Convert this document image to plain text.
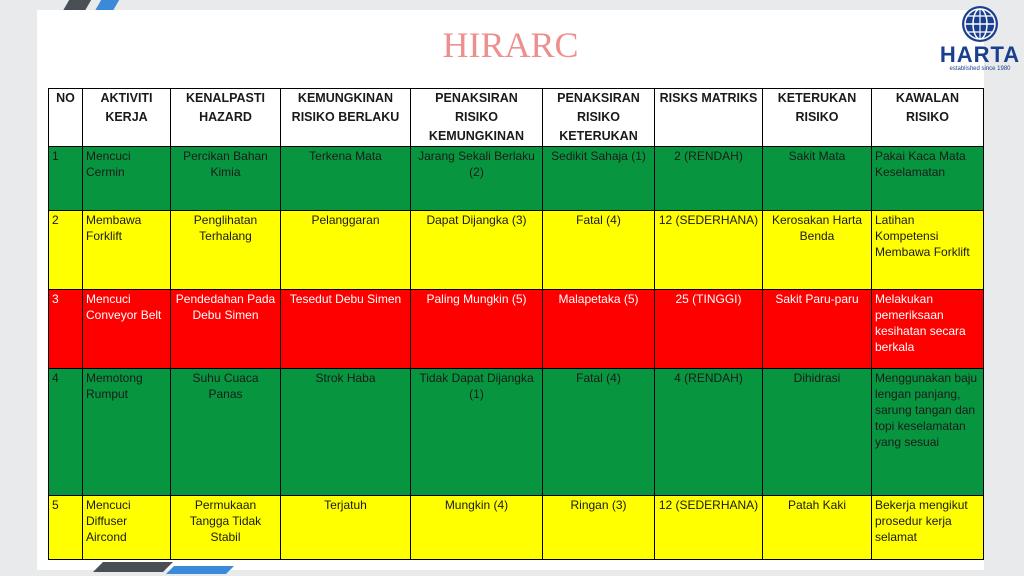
HIRARC	HARTA
established since 1980
NO	AKTIVITI KERJA	KENALPASTI HAZARD	KEMUNGKINAN RISIKO BERLAKU	PENAKSIRAN RISIKO KEMUNGKINAN	PENAKSIRAN RISIKO KETERUKAN	RISKS MATRIKS	KETERUKAN RISIKO	KAWALAN RISIKO
1	Mencuci Cermin	Percikan Bahan Kimia	Terkena Mata	Jarang Sekali Berlaku (2)	Sedikit Sahaja (1)	2 (RENDAH)	Sakit Mata	Pakai Kaca Mata Keselamatan
2	Membawa Forklift	Penglihatan Terhalang	Pelanggaran	Dapat Dijangka (3)	Fatal (4)	12 (SEDERHANA)	Kerosakan Harta Benda	Latihan Kompetensi Membawa Forklift
3	Mencuci Conveyor Belt	Pendedahan Pada Debu Simen	Tesedut Debu Simen	Paling Mungkin (5)	Malapetaka (5)	25 (TINGGI)	Sakit Paru-paru	Melakukan pemeriksaan kesihatan secara berkala
4	Memotong Rumput	Suhu Cuaca Panas	Strok Haba	Tidak Dapat Dijangka (1)	Fatal (4)	4 (RENDAH)	Dihidrasi	Menggunakan baju lengan panjang, sarung tangan dan topi keselamatan yang sesuai
5	Mencuci Diffuser Aircond	Permukaan Tangga Tidak Stabil	Terjatuh	Mungkin (4)	Ringan (3)	12 (SEDERHANA)	Patah Kaki	Bekerja mengikut prosedur kerja selamat
